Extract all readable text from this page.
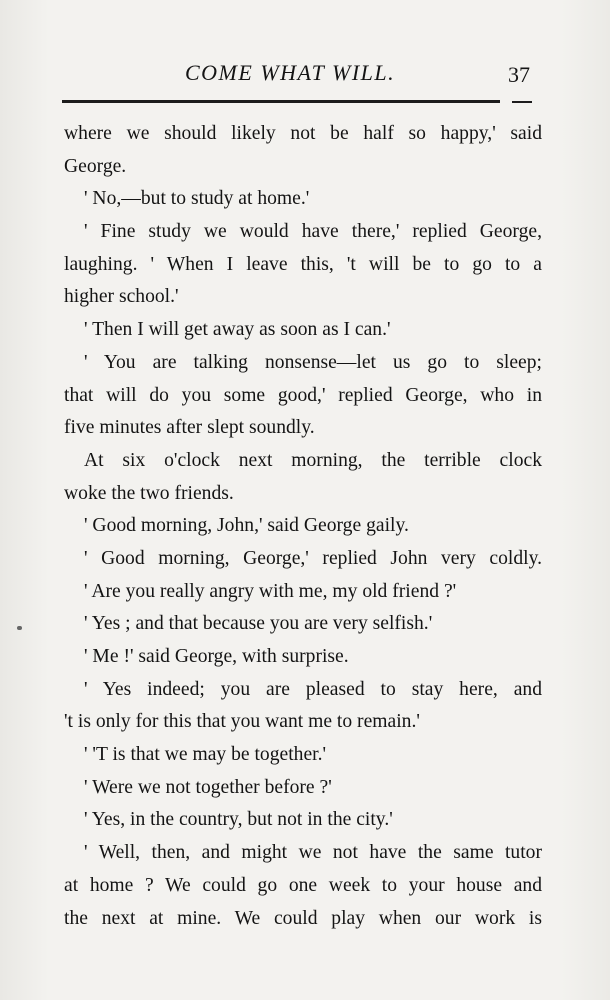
COME WHAT WILL.	37
where we should likely not be half so happy,' said
George.
' No,—but to study at home.'
' Fine study we would have there,' replied George,
laughing. ' When I leave this, 't will be to go to a
higher school.'
' Then I will get away as soon as I can.'
' You are talking nonsense—let us go to sleep;
that will do you some good,' replied George, who in
five minutes after slept soundly.
At six o'clock next morning, the terrible clock
woke the two friends.
' Good morning, John,' said George gaily.
' Good morning, George,' replied John very coldly.
' Are you really angry with me, my old friend ?'
' Yes ; and that because you are very selfish.'
' Me !' said George, with surprise.
' Yes indeed; you are pleased to stay here, and
't is only for this that you want me to remain.'
' 'T is that we may be together.'
' Were we not together before ?'
' Yes, in the country, but not in the city.'
' Well, then, and might we not have the same tutor
at home ? We could go one week to your house and
the next at mine. We could play when our work is
